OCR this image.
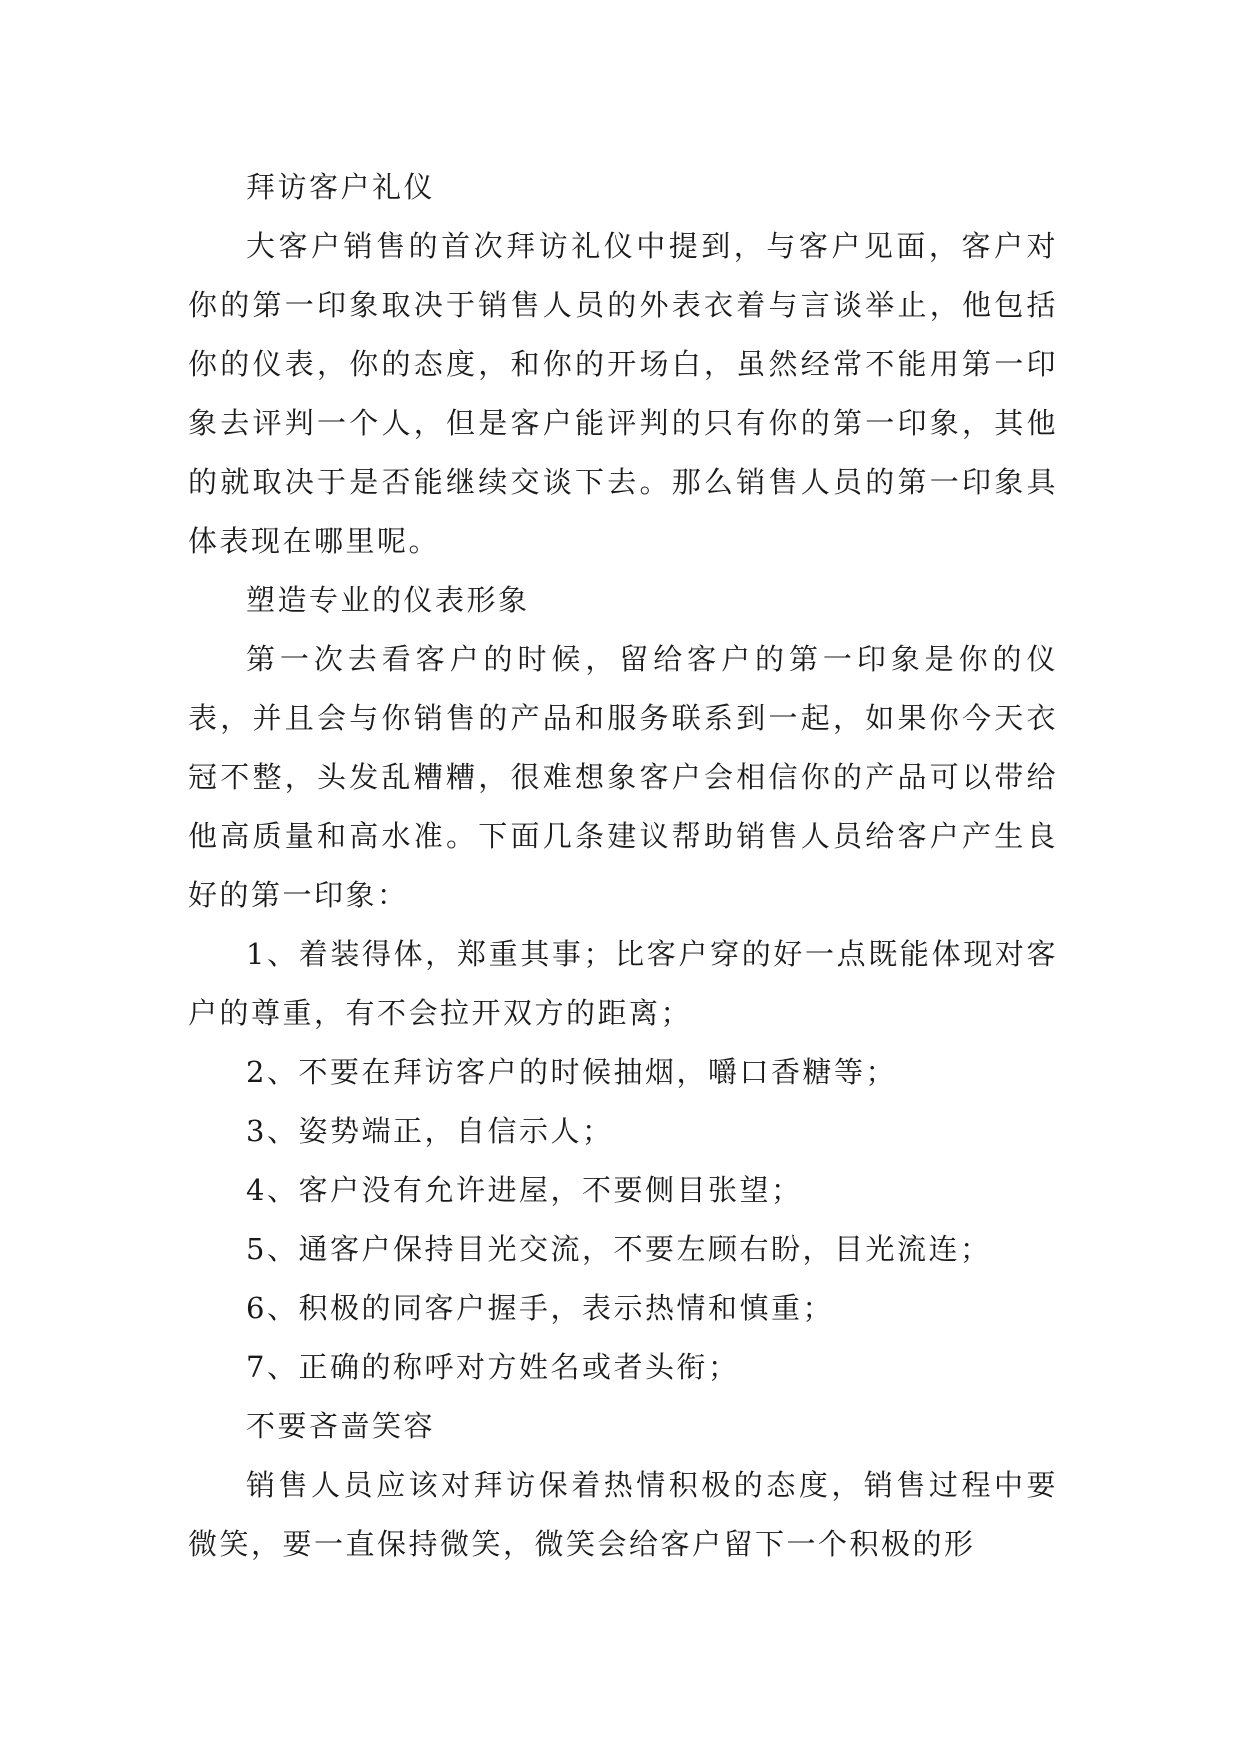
拜访客户礼仪

大客户销售的首次拜访礼仪中提到，与客户见面，客户对你的第一印象取决于销售人员的外表衣着与言谈举止，他包括你的仪表，你的态度，和你的开场白，虽然经常不能用第一印象去评判一个人，但是客户能评判的只有你的第一印象，其他的就取决于是否能继续交谈下去。那么销售人员的第一印象具体表现在哪里呢。

塑造专业的仪表形象

第一次去看客户的时候，留给客户的第一印象是你的仪表，并且会与你销售的产品和服务联系到一起，如果你今天衣冠不整，头发乱糟糟，很难想象客户会相信你的产品可以带给他高质量和高水准。下面几条建议帮助销售人员给客户产生良好的第一印象：

1、着装得体，郑重其事；比客户穿的好一点既能体现对客户的尊重，有不会拉开双方的距离；

2、不要在拜访客户的时候抽烟，嚼口香糖等；

3、姿势端正，自信示人；

4、客户没有允许进屋，不要侧目张望；

5、通客户保持目光交流，不要左顾右盼，目光流连；

6、积极的同客户握手，表示热情和慎重；

7、正确的称呼对方姓名或者头衔；

不要吝啬笑容

销售人员应该对拜访保着热情积极的态度，销售过程中要微笑，要一直保持微笑，微笑会给客户留下一个积极的形
